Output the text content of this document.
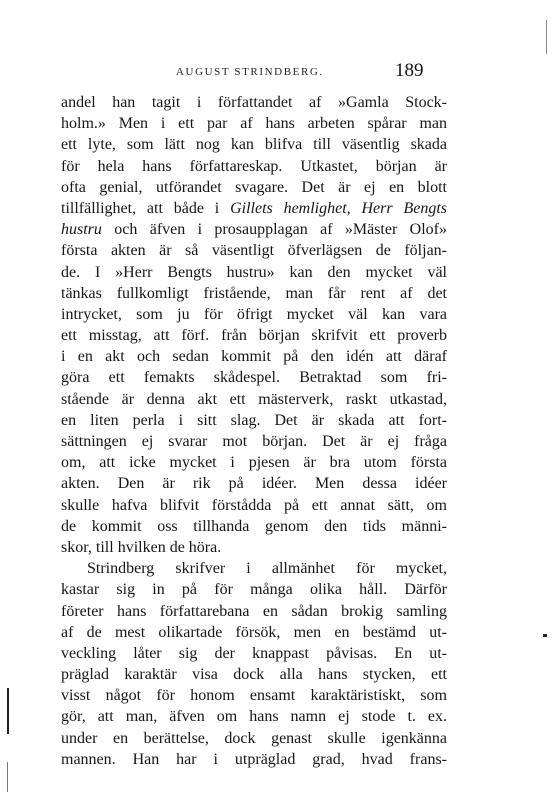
AUGUST STRINDBERG.	189
andel han tagit i författandet af »Gamla Stock-
holm.» Men i ett par af hans arbeten spårar man
ett lyte, som lätt nog kan blifva till väsentlig skada
för hela hans författareskap. Utkastet, början är
ofta genial, utförandet svagare. Det är ej en blott
tillfällighet, att både i Gillets hemlighet, Herr Bengts
hustru och äfven i prosaupplagan af »Mäster Olof»
första akten är så väsentligt öfverlägsen de följan-
de. I »Herr Bengts hustru» kan den mycket väl
tänkas fullkomligt fristående, man får rent af det
intrycket, som ju för öfrigt mycket väl kan vara
ett misstag, att förf. från början skrifvit ett proverb
i en akt och sedan kommit på den idén att däraf
göra ett femakts skådespel. Betraktad som fri-
stående är denna akt ett mästerverk, raskt utkastad,
en liten perla i sitt slag. Det är skada att fort-
sättningen ej svarar mot början. Det är ej fråga
om, att icke mycket i pjesen är bra utom första
akten. Den är rik på idéer. Men dessa idéer
skulle hafva blifvit förstådda på ett annat sätt, om
de kommit oss tillhanda genom den tids männi-
skor, till hvilken de höra.
Strindberg skrifver i allmänhet för mycket,
kastar sig in på för många olika håll. Därför
företer hans författarebana en sådan brokig samling
af de mest olikartade försök, men en bestämd ut-
veckling låter sig der knappast påvisas. En ut-
präglad karaktär visa dock alla hans stycken, ett
visst något för honom ensamt karaktäristiskt, som
gör, att man, äfven om hans namn ej stode t. ex.
under en berättelse, dock genast skulle igenkänna
mannen. Han har i utpräglad grad, hvad frans-
